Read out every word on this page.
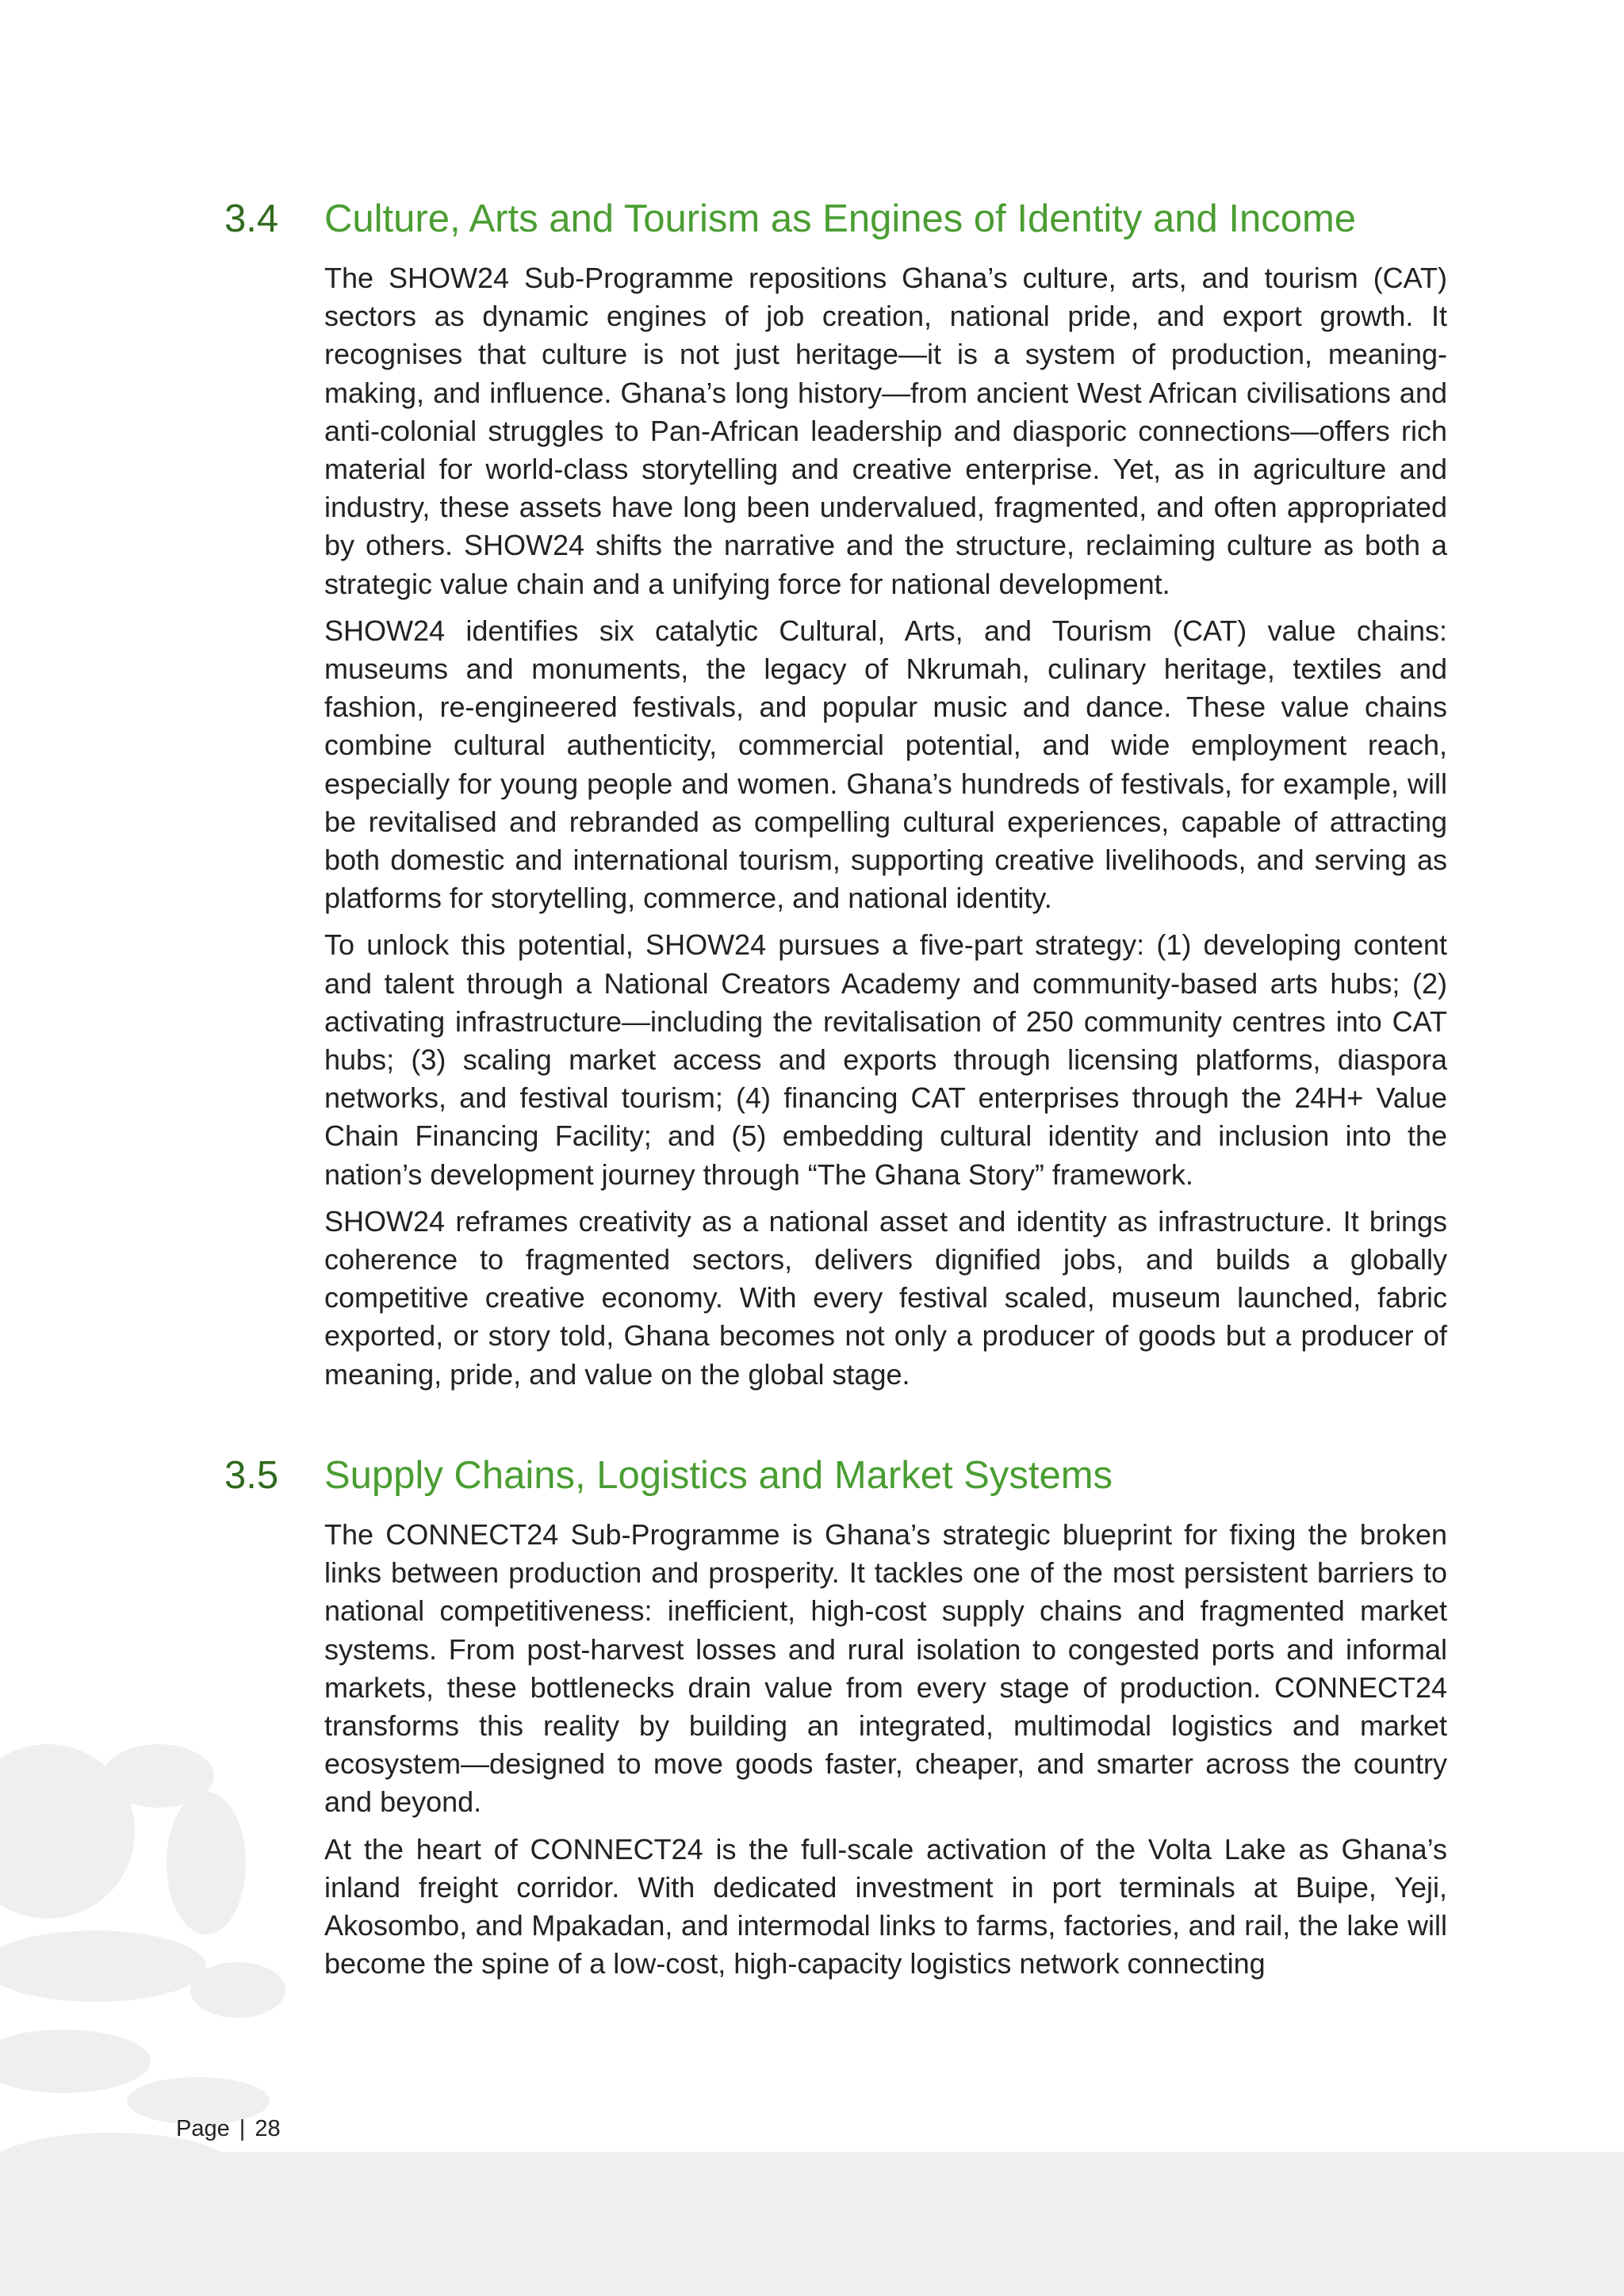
3.4	Culture, Arts and Tourism as Engines of Identity and Income

The SHOW24 Sub-Programme repositions Ghana’s culture, arts, and tourism (CAT) sectors as dynamic engines of job creation, national pride, and export growth. It recognises that culture is not just heritage—it is a system of production, meaning-making, and influence. Ghana’s long history—from ancient West African civilisations and anti-colonial struggles to Pan-African leadership and diasporic connections—offers rich material for world-class storytelling and creative enterprise. Yet, as in agriculture and industry, these assets have long been undervalued, fragmented, and often appropriated by others. SHOW24 shifts the narrative and the structure, reclaiming culture as both a strategic value chain and a unifying force for national development.

SHOW24 identifies six catalytic Cultural, Arts, and Tourism (CAT) value chains: museums and monuments, the legacy of Nkrumah, culinary heritage, textiles and fashion, re-engineered festivals, and popular music and dance. These value chains combine cultural authenticity, commercial potential, and wide employment reach, especially for young people and women. Ghana’s hundreds of festivals, for example, will be revitalised and rebranded as compelling cultural experiences, capable of attracting both domestic and international tourism, supporting creative livelihoods, and serving as platforms for storytelling, commerce, and national identity.

To unlock this potential, SHOW24 pursues a five-part strategy: (1) developing content and talent through a National Creators Academy and community-based arts hubs; (2) activating infrastructure—including the revitalisation of 250 community centres into CAT hubs; (3) scaling market access and exports through licensing platforms, diaspora networks, and festival tourism; (4) financing CAT enterprises through the 24H+ Value Chain Financing Facility; and (5) embedding cultural identity and inclusion into the nation’s development journey through “The Ghana Story” framework.

SHOW24 reframes creativity as a national asset and identity as infrastructure. It brings coherence to fragmented sectors, delivers dignified jobs, and builds a globally competitive creative economy. With every festival scaled, museum launched, fabric exported, or story told, Ghana becomes not only a producer of goods but a producer of meaning, pride, and value on the global stage.

3.5	Supply Chains, Logistics and Market Systems

The CONNECT24 Sub-Programme is Ghana’s strategic blueprint for fixing the broken links between production and prosperity. It tackles one of the most persistent barriers to national competitiveness: inefficient, high-cost supply chains and fragmented market systems. From post-harvest losses and rural isolation to congested ports and informal markets, these bottlenecks drain value from every stage of production. CONNECT24 transforms this reality by building an integrated, multimodal logistics and market ecosystem—designed to move goods faster, cheaper, and smarter across the country and beyond.

At the heart of CONNECT24 is the full-scale activation of the Volta Lake as Ghana’s inland freight corridor. With dedicated investment in port terminals at Buipe, Yeji, Akosombo, and Mpakadan, and intermodal links to farms, factories, and rail, the lake will become the spine of a low-cost, high-capacity logistics network connecting

Page | 28
